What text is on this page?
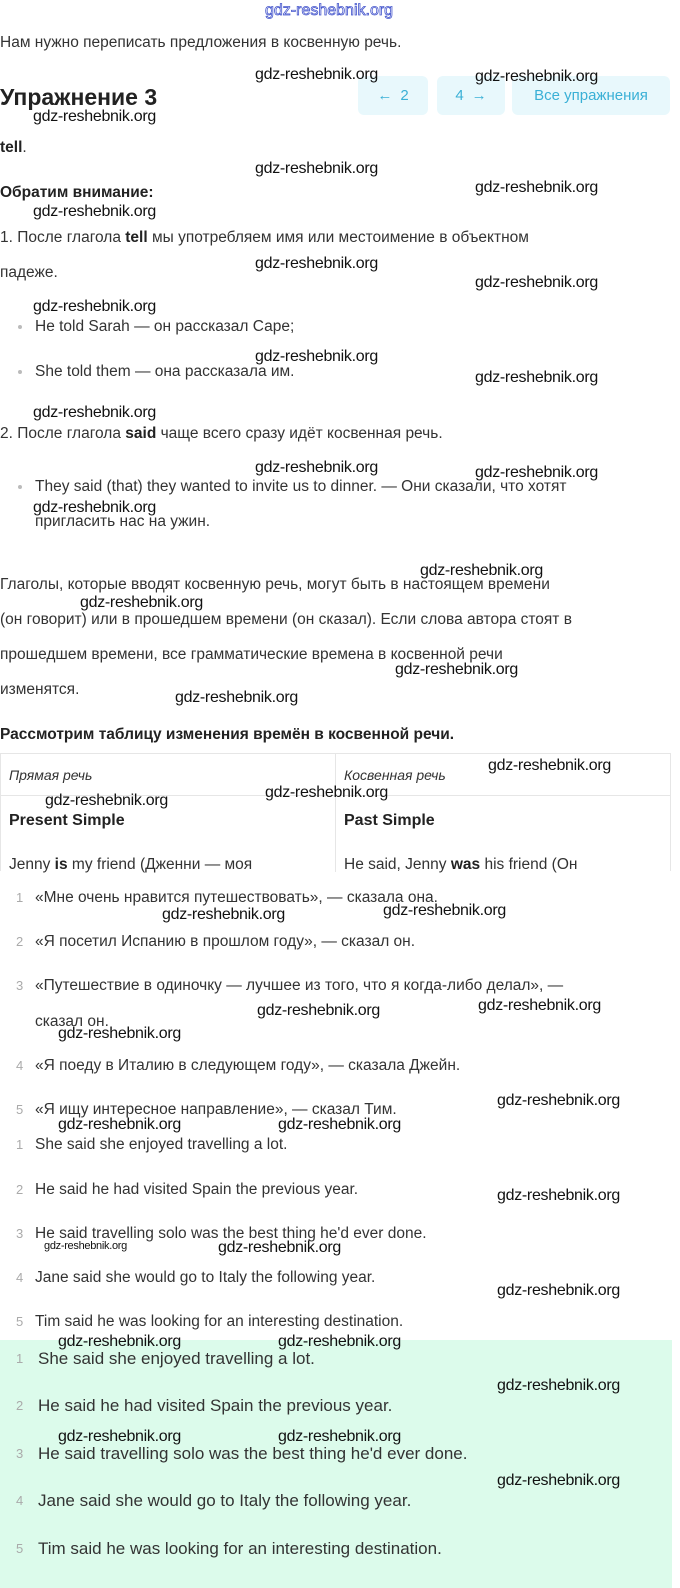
gdz-reshebnik.org
Нам нужно переписать предложения в косвенную речь.
Упражнение 3	← 2	4 →	Все упражнения
tell.
Обратим внимание:
1. После глагола tell мы употребляем имя или местоимение в объектном
падеже.
He told Sarah — он рассказал Саре;
She told them — она рассказала им.
2. После глагола said чаще всего сразу идёт косвенная речь.
They said (that) they wanted to invite us to dinner. — Они сказали, что хотят
пригласить нас на ужин.
Глаголы, которые вводят косвенную речь, могут быть в настоящем времени
(он говорит) или в прошедшем времени (он сказал). Если слова автора стоят в
прошедшем времени, все грамматические времена в косвенной речи
изменятся.
Рассмотрим таблицу изменения времён в косвенной речи.
Прямая речь	Косвенная речь
Present Simple	Past Simple
Jenny is my friend (Дженни — моя	He said, Jenny was his friend (Он
1 «Мне очень нравится путешествовать», — сказала она.
2 «Я посетил Испанию в прошлом году», — сказал он.
3 «Путешествие в одиночку — лучшее из того, что я когда-либо делал», —
сказал он.
4 «Я поеду в Италию в следующем году», — сказала Джейн.
5 «Я ищу интересное направление», — сказал Тим.
1 She said she enjoyed travelling a lot.
2 He said he had visited Spain the previous year.
3 He said travelling solo was the best thing he'd ever done.
4 Jane said she would go to Italy the following year.
5 Tim said he was looking for an interesting destination.
1 She said she enjoyed travelling a lot.
2 He said he had visited Spain the previous year.
3 He said travelling solo was the best thing he'd ever done.
4 Jane said she would go to Italy the following year.
5 Tim said he was looking for an interesting destination.
gdz-reshebnik.org	gdz-reshebnik.org
gdz-reshebnik.org
gdz-reshebnik.org
gdz-reshebnik.org
gdz-reshebnik.org
gdz-reshebnik.org
gdz-reshebnik.org
gdz-reshebnik.org
gdz-reshebnik.org
gdz-reshebnik.org
gdz-reshebnik.org
gdz-reshebnik.org	gdz-reshebnik.org
gdz-reshebnik.org
gdz-reshebnik.org
gdz-reshebnik.org
gdz-reshebnik.org
gdz-reshebnik.org
gdz-reshebnik.org
gdz-reshebnik.org	gdz-reshebnik.org
gdz-reshebnik.org	gdz-reshebnik.org
gdz-reshebnik.org	gdz-reshebnik.org
gdz-reshebnik.org
gdz-reshebnik.org
gdz-reshebnik.org	gdz-reshebnik.org
gdz-reshebnik.org
gdz-reshebnik.org
gdz-reshebnik.org
gdz-reshebnik.org	gdz-reshebnik.org
gdz-reshebnik.org
gdz-reshebnik.org	gdz-reshebnik.org
gdz-reshebnik.org
gdz-reshebnik.org
